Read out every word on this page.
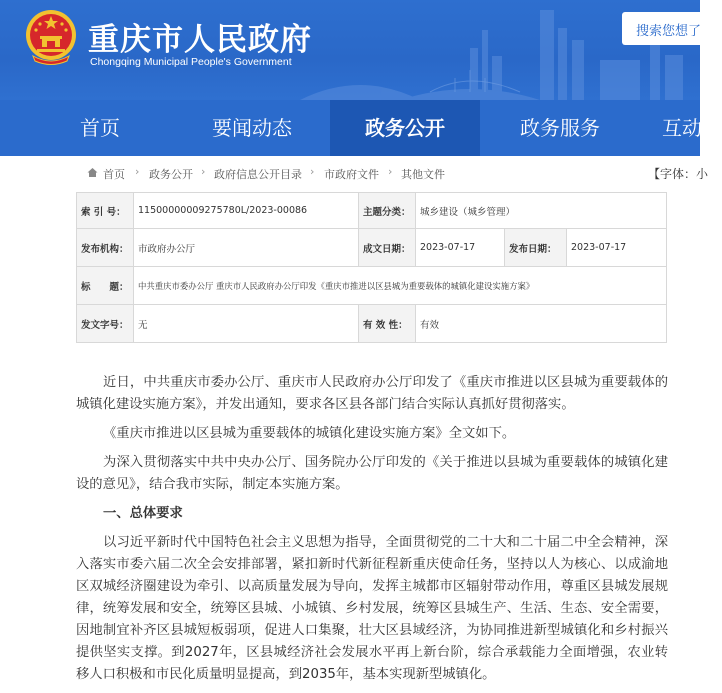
重庆市人民政府
Chongqing Municipal People's Government
搜索您想了
首页	要闻动态	政务公开	政务服务	互动
首页 › 政务公开 › 政府信息公开目录 › 市政府文件 › 其他文件	【字体：小
索 引 号：	11500000009275780L/2023-00086	主题分类：	城乡建设（城乡管理）		
发布机构：	市政府办公厅	成文日期：	2023-07-17	发布日期：	2023-07-17
标　　题：	中共重庆市委办公厅 重庆市人民政府办公厅印发《重庆市推进以区县城为重要载体的城镇化建设实施方案》				
发文字号：	无	有 效 性：	有效		

近日，中共重庆市委办公厅、重庆市人民政府办公厅印发了《重庆市推进以区县城为重要载体的城镇化建设实施方案》，并发出通知，要求各区县各部门结合实际认真抓好贯彻落实。

《重庆市推进以区县城为重要载体的城镇化建设实施方案》全文如下。

为深入贯彻落实中共中央办公厅、国务院办公厅印发的《关于推进以县城为重要载体的城镇化建设的意见》，结合我市实际，制定本实施方案。

一、总体要求

以习近平新时代中国特色社会主义思想为指导，全面贯彻党的二十大和二十届二中全会精神，深入落实市委六届二次全会安排部署，紧扣新时代新征程新重庆使命任务，坚持以人为核心、以成渝地区双城经济圈建设为牵引、以高质量发展为导向，发挥主城都市区辐射带动作用，尊重区县城发展规律，统筹发展和安全，统筹区县城、小城镇、乡村发展，统筹区县城生产、生活、生态、安全需要，因地制宜补齐区县城短板弱项，促进人口集聚，壮大区县域经济，为协同推进新型城镇化和乡村振兴提供坚实支撑。到2027年，区县城经济社会发展水平再上新台阶，综合承载能力全面增强，农业转移人口积极和市民化质量明显提高，到2035年，基本实现新型城镇化。
